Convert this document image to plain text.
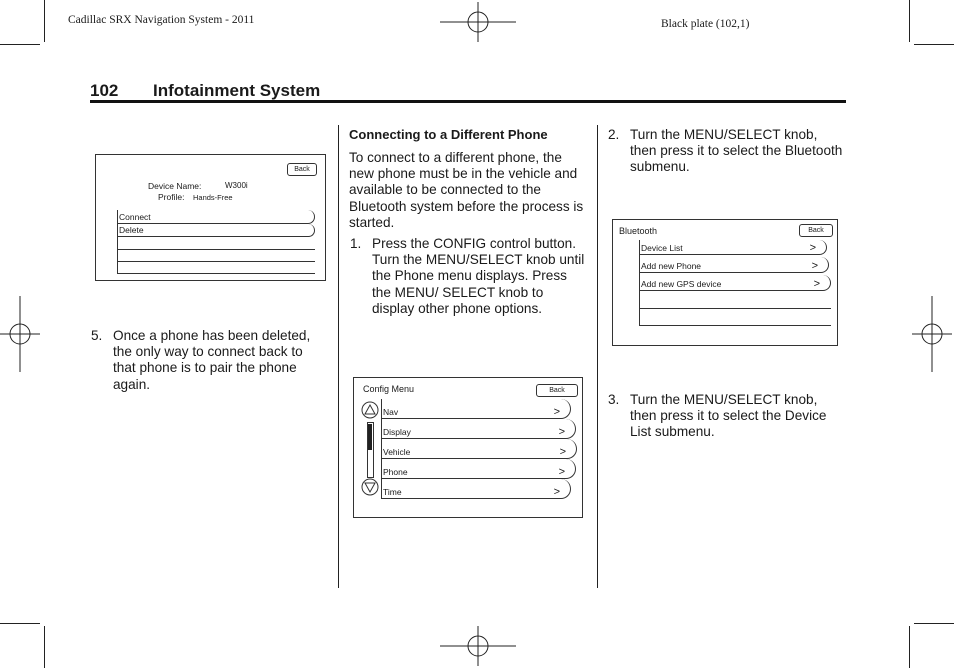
Cadillac SRX Navigation System - 2011	Black plate (102,1)
102 Infotainment System
Back
Device Name:	W300i
Profile: Hands-Free
Connect
Delete
5. Once a phone has been deleted, the only way to connect back to that phone is to pair the phone again.
Connecting to a Different Phone
To connect to a different phone, the new phone must be in the vehicle and available to be connected to the Bluetooth system before the process is started.
1. Press the CONFIG control button. Turn the MENU/SELECT knob until the Phone menu displays. Press the MENU/ SELECT knob to display other phone options.
Config Menu	Back
Nav	>
Display	>
Vehicle	>
Phone	>
Time	>
2. Turn the MENU/SELECT knob, then press it to select the Bluetooth submenu.
Bluetooth	Back
Device List	>
Add new Phone	>
Add new GPS device	>
3. Turn the MENU/SELECT knob, then press it to select the Device List submenu.
